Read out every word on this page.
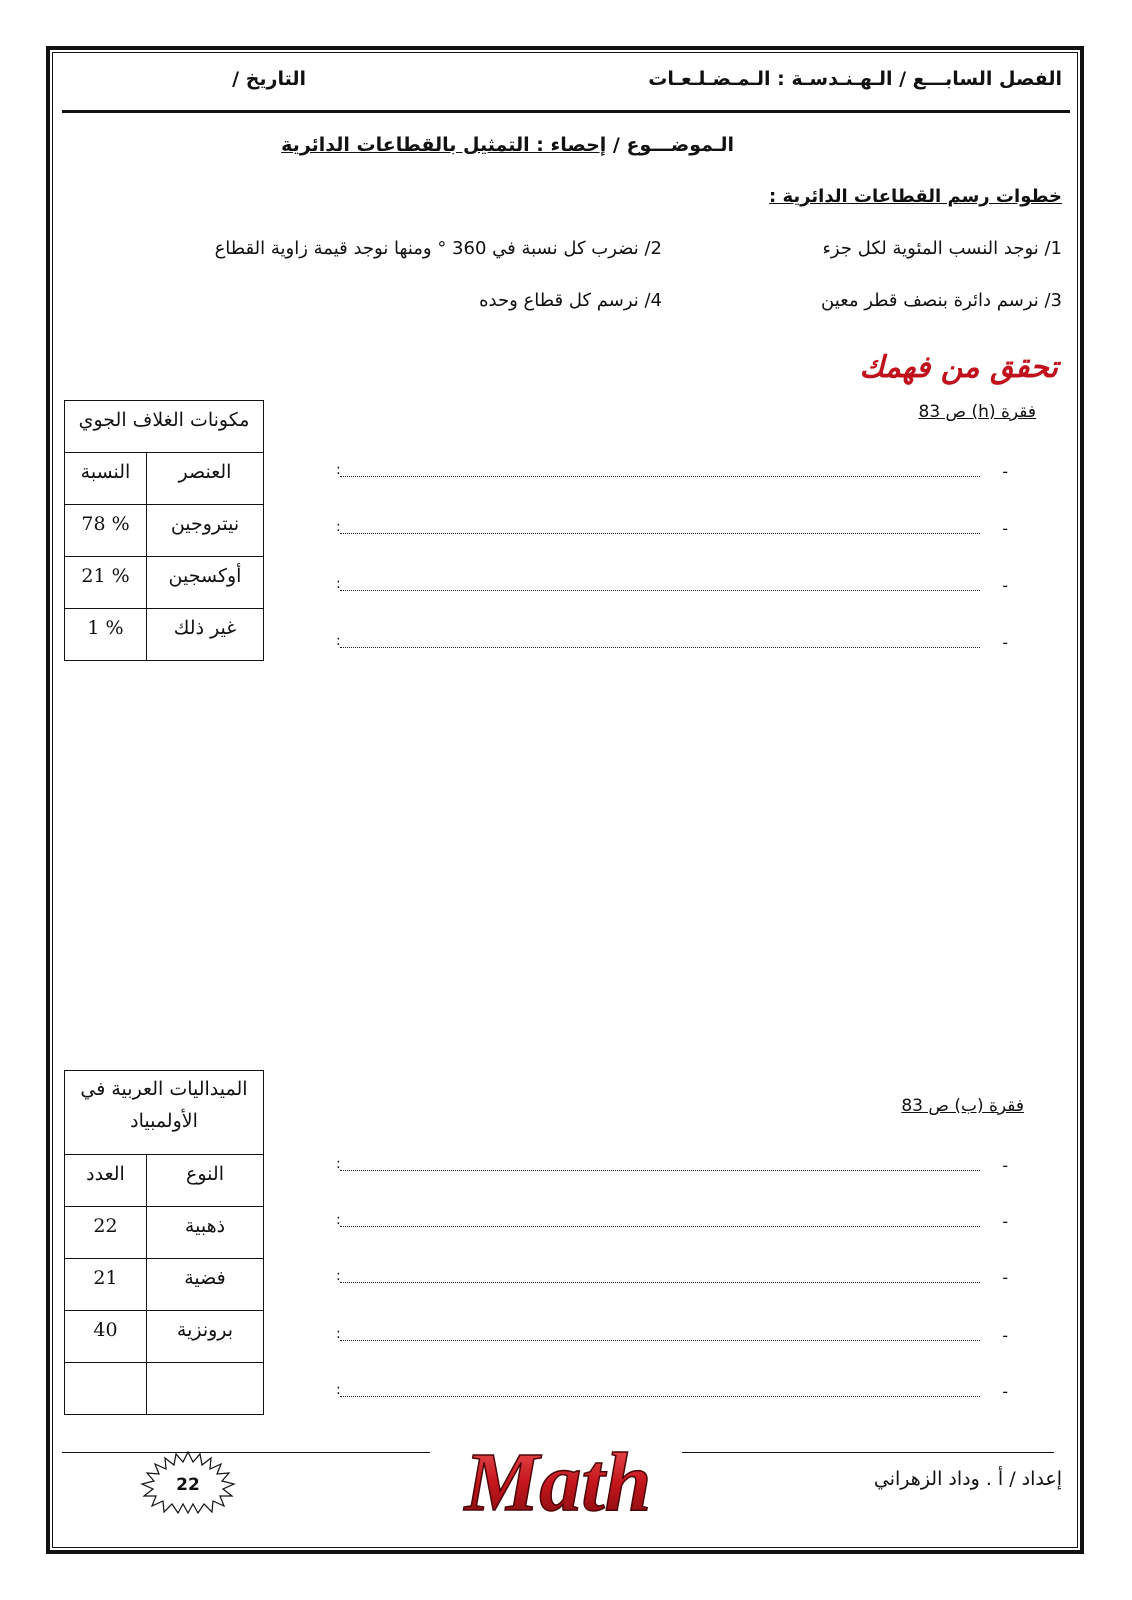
الفصل السابـــع / الـهـنـدسـة : الـمـضـلـعـات
التاريخ /
الـموضـــوع / إحصاء : التمثيل بالقطاعات الدائرية
خطوات رسم القطاعات الدائرية :
1/ نوجد النسب المئوية لكل جزء
2/ نضرب كل نسبة في 360 ° ومنها نوجد قيمة زاوية القطاع
3/ نرسم دائرة بنصف قطر معين
4/ نرسم كل قطاع وحده
تحقق من فهمك
فقرة (h) ص 83
-
:
-
:
-
:
-
:
مكونات الغلاف الجوي	
العنصر	النسبة
نيتروجين	% 78
أوكسجين	% 21
غير ذلك	% 1
فقرة (ب) ص 83
-
:
-
:
-
:
-
:
-
:
الميداليات العربية في الأولمبياد	
النوع	العدد
ذهبية	22
فضية	21
برونزية	40

إعداد / أ . وداد الزهراني
Math
22
